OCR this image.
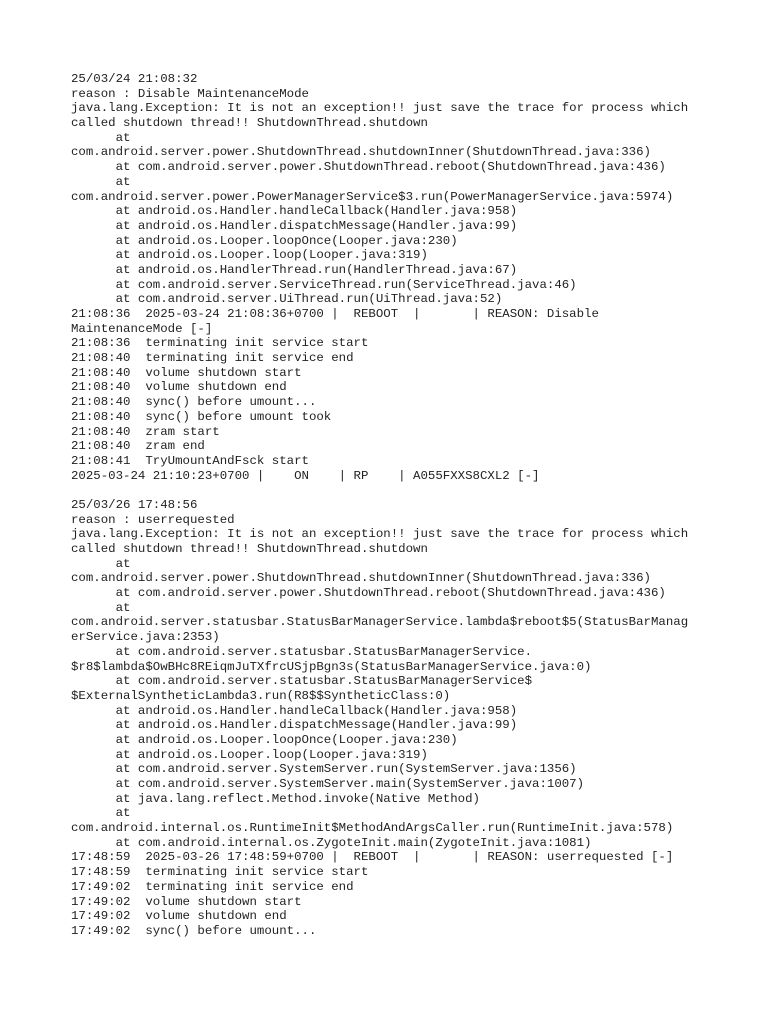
25/03/24 21:08:32
reason : Disable MaintenanceMode
java.lang.Exception: It is not an exception!! just save the trace for process which
called shutdown thread!! ShutdownThread.shutdown
at
com.android.server.power.ShutdownThread.shutdownInner(ShutdownThread.java:336)
at com.android.server.power.ShutdownThread.reboot(ShutdownThread.java:436)
at
com.android.server.power.PowerManagerService$3.run(PowerManagerService.java:5974)
at android.os.Handler.handleCallback(Handler.java:958)
at android.os.Handler.dispatchMessage(Handler.java:99)
at android.os.Looper.loopOnce(Looper.java:230)
at android.os.Looper.loop(Looper.java:319)
at android.os.HandlerThread.run(HandlerThread.java:67)
at com.android.server.ServiceThread.run(ServiceThread.java:46)
at com.android.server.UiThread.run(UiThread.java:52)
21:08:36  2025-03-24 21:08:36+0700 |  REBOOT  |       | REASON: Disable
MaintenanceMode [-]
21:08:36  terminating init service start
21:08:40  terminating init service end
21:08:40  volume shutdown start
21:08:40  volume shutdown end
21:08:40  sync() before umount...
21:08:40  sync() before umount took
21:08:40  zram start
21:08:40  zram end
21:08:41  TryUmountAndFsck start
2025-03-24 21:10:23+0700 |    ON    | RP    | A055FXXS8CXL2 [-]
25/03/26 17:48:56
reason : userrequested
java.lang.Exception: It is not an exception!! just save the trace for process which
called shutdown thread!! ShutdownThread.shutdown
at
com.android.server.power.ShutdownThread.shutdownInner(ShutdownThread.java:336)
at com.android.server.power.ShutdownThread.reboot(ShutdownThread.java:436)
at
com.android.server.statusbar.StatusBarManagerService.lambda$reboot$5(StatusBarManag
erService.java:2353)
at com.android.server.statusbar.StatusBarManagerService.
$r8$lambda$OwBHc8REiqmJuTXfrcUSjpBgn3s(StatusBarManagerService.java:0)
at com.android.server.statusbar.StatusBarManagerService$
$ExternalSyntheticLambda3.run(R8$$SyntheticClass:0)
at android.os.Handler.handleCallback(Handler.java:958)
at android.os.Handler.dispatchMessage(Handler.java:99)
at android.os.Looper.loopOnce(Looper.java:230)
at android.os.Looper.loop(Looper.java:319)
at com.android.server.SystemServer.run(SystemServer.java:1356)
at com.android.server.SystemServer.main(SystemServer.java:1007)
at java.lang.reflect.Method.invoke(Native Method)
at
com.android.internal.os.RuntimeInit$MethodAndArgsCaller.run(RuntimeInit.java:578)
at com.android.internal.os.ZygoteInit.main(ZygoteInit.java:1081)
17:48:59  2025-03-26 17:48:59+0700 |  REBOOT  |       | REASON: userrequested [-]
17:48:59  terminating init service start
17:49:02  terminating init service end
17:49:02  volume shutdown start
17:49:02  volume shutdown end
17:49:02  sync() before umount...
